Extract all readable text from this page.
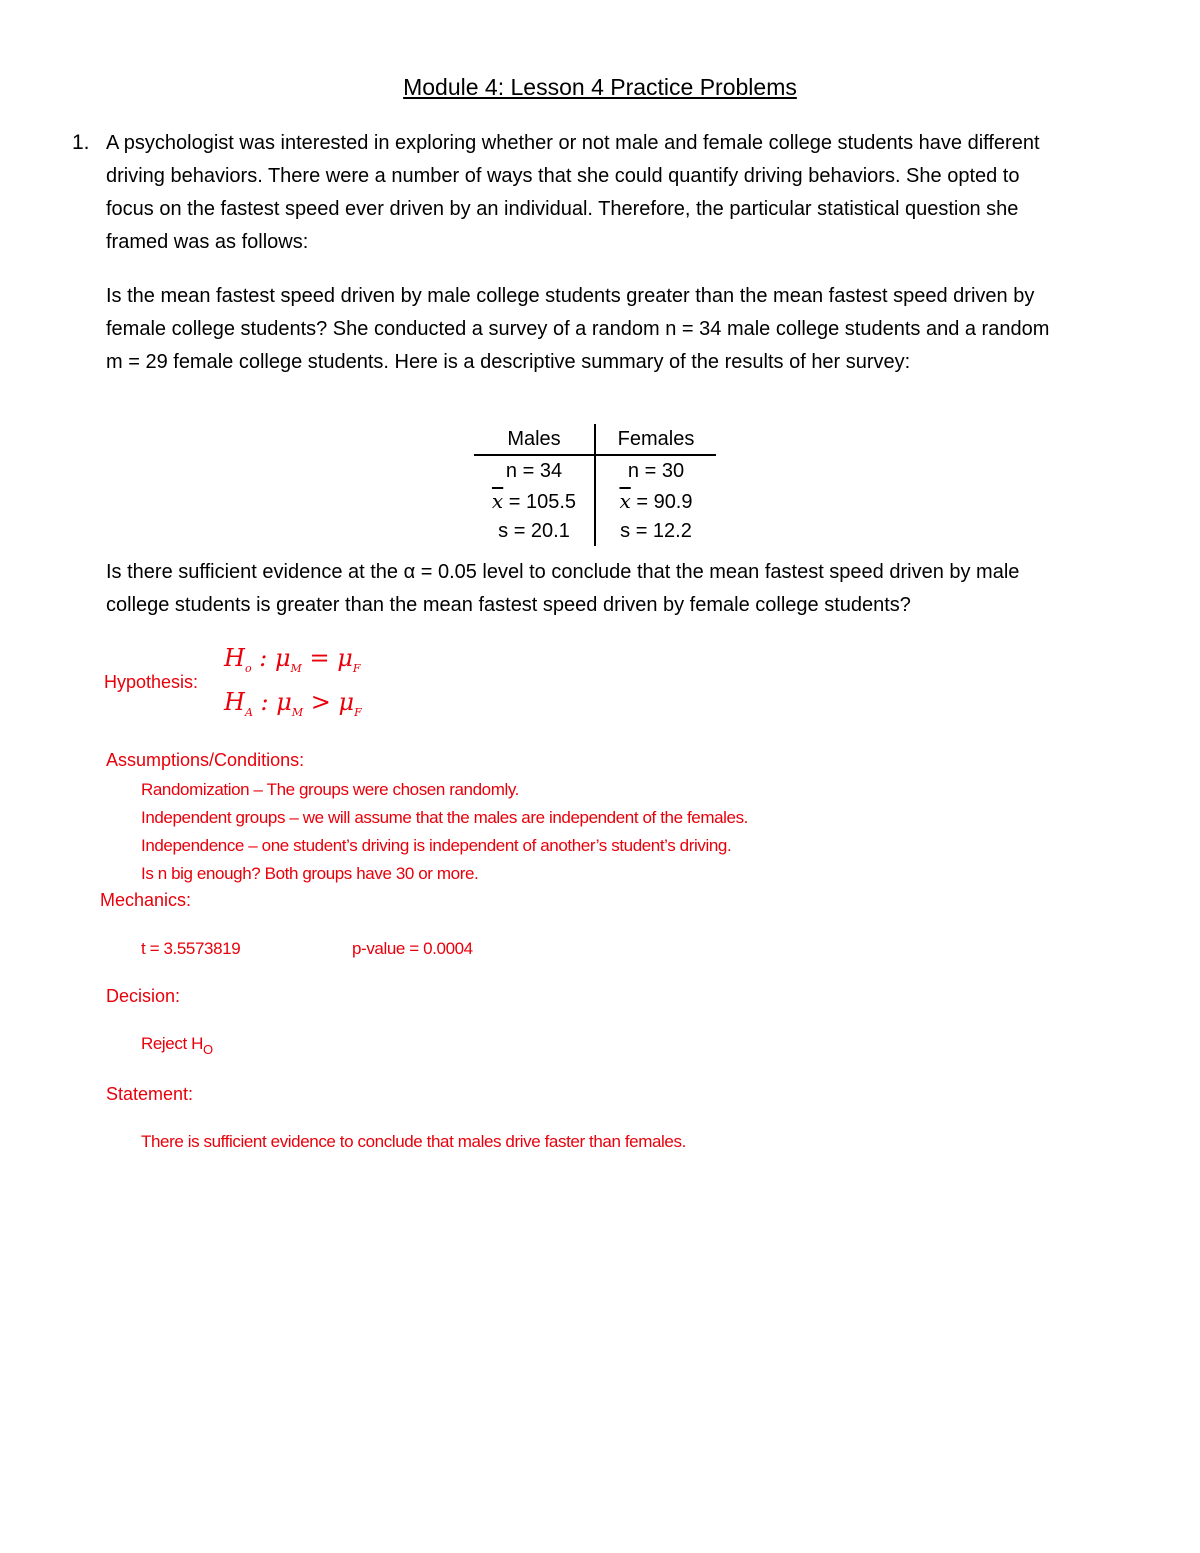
Module 4: Lesson 4 Practice Problems
1. A psychologist was interested in exploring whether or not male and female college students have different
driving behaviors. There were a number of ways that she could quantify driving behaviors. She opted to
focus on the fastest speed ever driven by an individual. Therefore, the particular statistical question she
framed was as follows:
Is the mean fastest speed driven by male college students greater than the mean fastest speed driven by
female college students? She conducted a survey of a random n = 34 male college students and a random
m = 29 female college students. Here is a descriptive summary of the results of her survey:
Males	Females
n = 34	n = 30
$\overline{x} = 105.5$	$\overline{x} = 90.9$
s = 20.1	s = 12.2
Is there sufficient evidence at the α = 0.05 level to conclude that the mean fastest speed driven by male
college students is greater than the mean fastest speed driven by female college students?
Hypothesis:
$H_o$ : $\mu_M = \mu_F$
$H_A$ : $\mu_M > \mu_F$
Assumptions/Conditions:
Randomization – The groups were chosen randomly.
Independent groups – we will assume that the males are independent of the females.
Independence – one student’s driving is independent of another’s student’s driving.
Is n big enough? Both groups have 30 or more.
Mechanics:
t = 3.5573819	p-value = 0.0004
Decision:
Reject $H_O$
Statement:
There is sufficient evidence to conclude that males drive faster than females.
